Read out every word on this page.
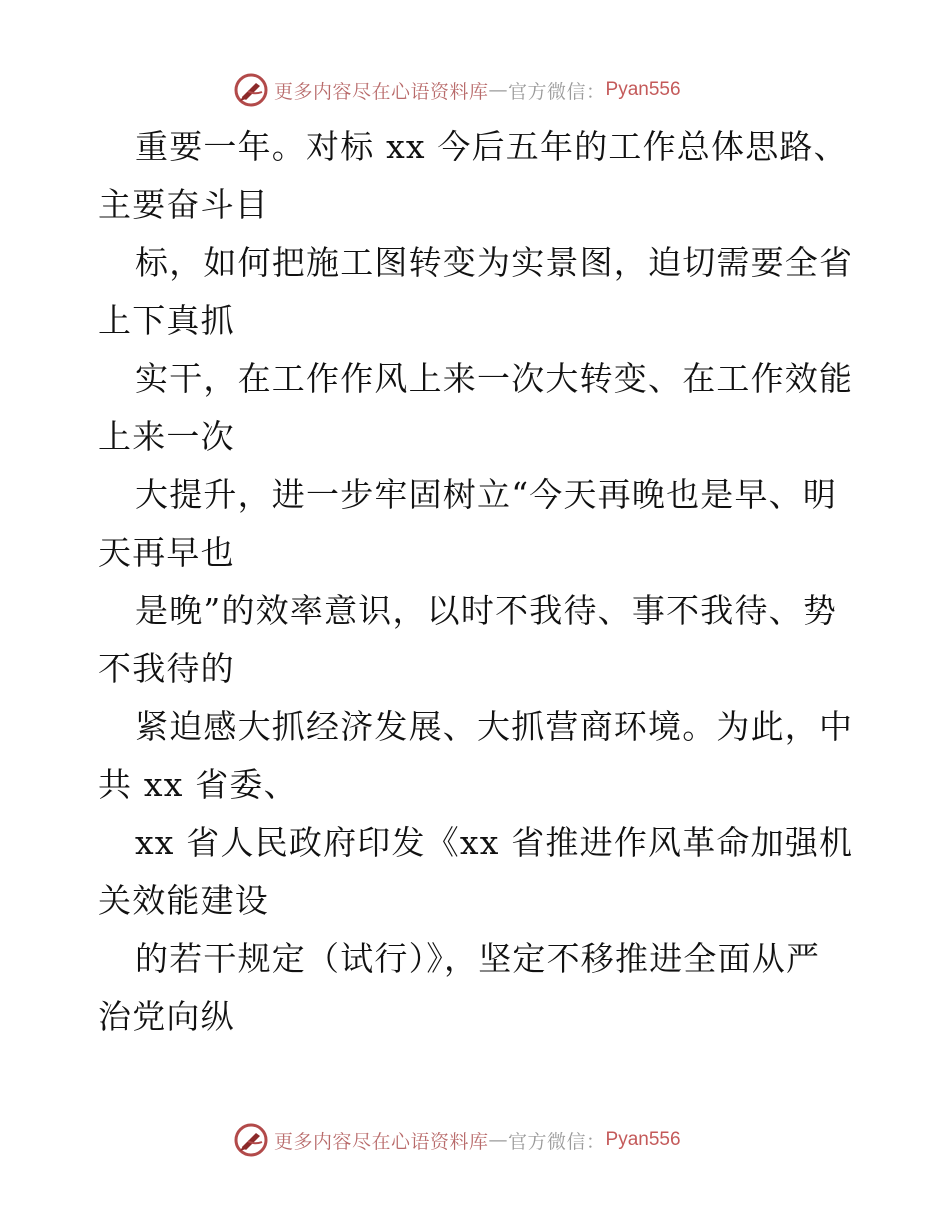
更多内容尽在心语资料库 — 官方微信： Pyan556
重要一年。对标 xx 今后五年的工作总体思路、
主要奋斗目
标，如何把施工图转变为实景图，迫切需要全省
上下真抓
实干，在工作作风上来一次大转变、在工作效能
上来一次
大提升，进一步牢固树立“今天再晚也是早、明
天再早也
是晚”的效率意识，以时不我待、事不我待、势
不我待的
紧迫感大抓经济发展、大抓营商环境。为此，中
共 xx 省委、
xx 省人民政府印发《xx 省推进作风革命加强机
关效能建设
的若干规定（试行）》，坚定不移推进全面从严
治党向纵
更多内容尽在心语资料库 — 官方微信： Pyan556
